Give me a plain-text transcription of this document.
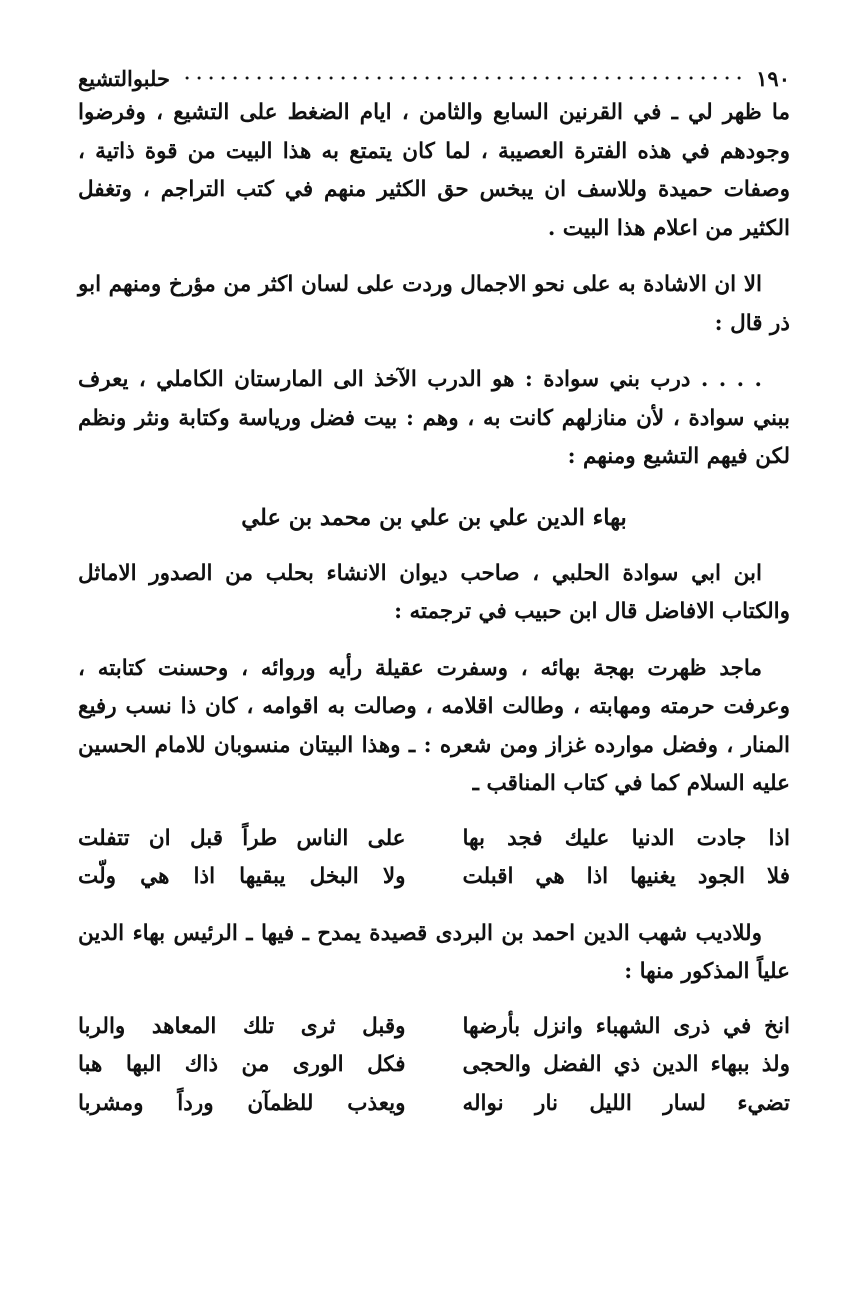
١٩٠
حلبوالتشيع

ما ظهر لي ـ في القرنين السابع والثامن ، ايام الضغط على التشيع ، وفرضوا وجودهم في هذه الفترة العصيبة ، لما كان يتمتع به هذا البيت من قوة ذاتية ، وصفات حميدة وللاسف ان يبخس حق الكثير منهم في كتب التراجم ، وتغفل الكثير من اعلام هذا البيت .

الا ان الاشادة به على نحو الاجمال وردت على لسان اكثر من مؤرخ ومنهم ابو ذر قال :

. . . . درب بني سوادة : هو الدرب الآخذ الى المارستان الكاملي ، يعرف ببني سوادة ، لأن منازلهم كانت به ، وهم : بيت فضل ورياسة وكتابة ونثر ونظم لكن فيهم التشيع ومنهم :

بهاء الدين علي بن علي بن محمد بن علي

ابن ابي سوادة الحلبي ، صاحب ديوان الانشاء بحلب من الصدور الاماثل والكتاب الافاضل قال ابن حبيب في ترجمته :

ماجد ظهرت بهجة بهائه ، وسفرت عقيلة رأيه وروائه ، وحسنت كتابته ، وعرفت حرمته ومهابته ، وطالت اقلامه ، وصالت به اقوامه ، كان ذا نسب رفيع المنار ، وفضل موارده غزاز ومن شعره : ـ وهذا البيتان منسوبان للامام الحسين عليه السلام كما في كتاب المناقب ـ

اذا جادت الدنيا عليك فجد بها
على الناس طراً قبل ان تتفلت
فلا الجود يغنيها اذا هي اقبلت
ولا البخل يبقيها اذا هي ولّت

وللاديب شهب الدين احمد بن البردى قصيدة يمدح ـ فيها ـ الرئيس بهاء الدين علياً المذكور منها :

انخ في ذرى الشهباء وانزل بأرضها
وقبل ثرى تلك المعاهد والربا
ولذ ببهاء الدين ذي الفضل والحجى
فكل الورى من ذاك البها هبا
تضيء لسار الليل نار نواله
ويعذب للظمآن ورداً ومشربا
